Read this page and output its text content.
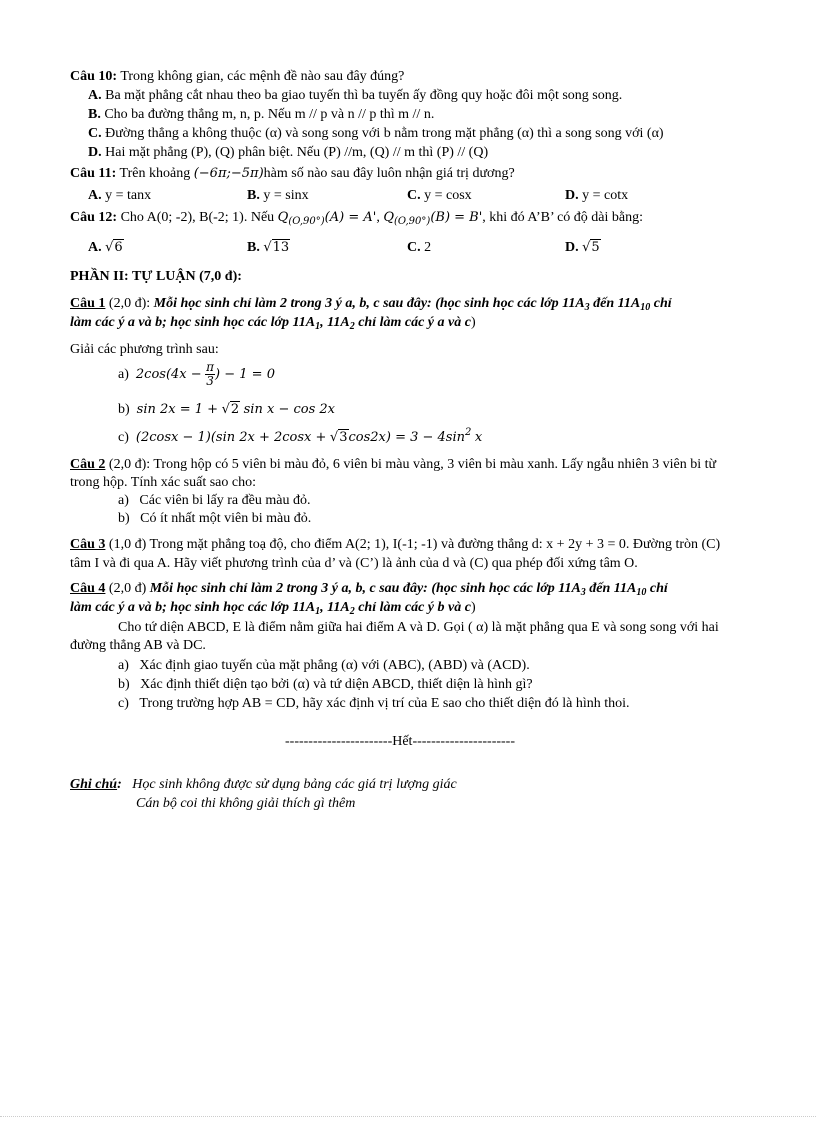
Câu 10: Trong không gian, các mệnh đề nào sau đây đúng?
A. Ba mặt phẳng cắt nhau theo ba giao tuyến thì ba tuyến ấy đồng quy hoặc đôi một song song.
B. Cho ba đường thẳng m, n, p. Nếu m // p và n // p thì m // n.
C. Đường thẳng a không thuộc (α) và song song với b nằm trong mặt phẳng (α) thì a song song với (α)
D. Hai mặt phẳng (P), (Q) phân biệt. Nếu (P) //m, (Q) // m thì (P) // (Q)
Câu 11: Trên khoảng (−6π;−5π)hàm số nào sau đây luôn nhận giá trị dương?
A. y = tanx	B. y = sinx	C. y = cosx	D. y = cotx
Câu 12: Cho A(0; -2), B(-2; 1). Nếu $Q_{(O,90^\circ)}(A) = A'$, $Q_{(O,90^\circ)}(B) = B'$, khi đó A’B’ có độ dài bằng:
A. √6	B. √13	C. 2	D. √5
PHẦN II: TỰ LUẬN (7,0 đ):
Câu 1 (2,0 đ): Mỗi học sinh chỉ làm 2 trong 3 ý a, b, c sau đây: (học sinh học các lớp $11A_3$ đến $11A_{10}$ chỉ
làm các ý a và b; học sinh học các lớp $11A_1$, $11A_2$ chỉ làm các ý a và c)
Giải các phương trình sau:
a) $2\cos(4x - \frac{\pi}{3}$ ) − 1 = 0
b) sin 2x = 1 + √2 sin x − cos 2x
c) (2cosx − 1)(sin $2x + 2\cos x + √3\cos 2x) = 3 - 4\sin^2$ x
Câu 2 (2,0 đ): Trong hộp có 5 viên bi màu đỏ, 6 viên bi màu vàng, 3 viên bi màu xanh. Lấy ngẫu nhiên 3 viên bi từ
trong hộp. Tính xác suất sao cho:
a) Các viên bi lấy ra đều màu đỏ.
b) Có ít nhất một viên bi màu đỏ.
Câu 3 (1,0 đ) Trong mặt phẳng toạ độ, cho điểm A(2; 1), I(-1; -1) và đường thẳng d: x + 2y + 3 = 0. Đường tròn (C)
tâm I và đi qua A. Hãy viết phương trình của d’ và (C’) là ảnh của d và (C) qua phép đối xứng tâm O.
Câu 4 (2,0 đ) Mỗi học sinh chỉ làm 2 trong 3 ý a, b, c sau đây: (học sinh học các lớp $11A_3$ đến $11A_{10}$ chỉ
làm các ý a và b; học sinh học các lớp $11A_1$, $11A_2$ chỉ làm các ý b và c)
Cho tứ diện ABCD, E là điểm nằm giữa hai điểm A và D. Gọi ( α) là mặt phẳng qua E và song song với hai
đường thẳng AB và DC.
a) Xác định giao tuyến của mặt phẳng (α) với (ABC), (ABD) và (ACD).
b) Xác định thiết diện tạo bởi (α) và tứ diện ABCD, thiết diện là hình gì?
c) Trong trường hợp AB = CD, hãy xác định vị trí của E sao cho thiết diện đó là hình thoi.
-----------------------Hết----------------------
Ghi chú: Học sinh không được sử dụng bảng các giá trị lượng giác
Cán bộ coi thi không giải thích gì thêm
